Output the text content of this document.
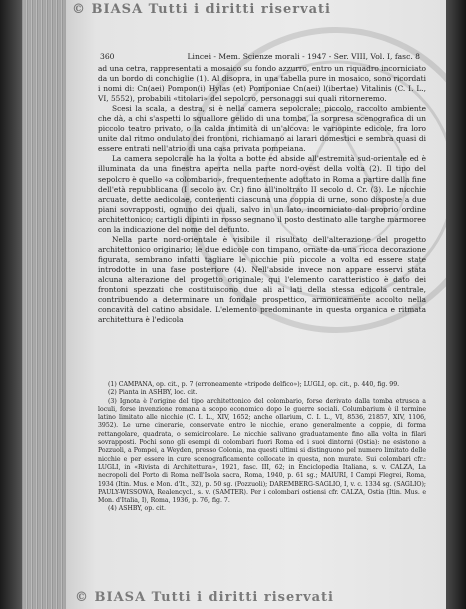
© BIASA Tutti i diritti riservati
360	Lincei - Mem. Scienze morali - 1947 - Ser. VIII, Vol. I, fasc. 8

ad una cetra, rappresentati a mosaico su fondo azzurro, entro un riquadro incorniciato da un bordo di conchiglie (1). Al disopra, in una tabella pure in mosaico, sono ricordati i nomi di: Cn(aei) Pompon(i) Hylas (et) Pomponiae Cn(aei) l(ibertae) Vitalinis (C. I. L., VI, 5552), probabili «titolari» del sepolcro, personaggi sui quali ritorneremo.

Scesi la scala, a destra, si è nella camera sepolcrale: piccolo, raccolto ambiente che dà, a chi s'aspetti lo squallore gelido di una tomba, la sorpresa scenografica di un piccolo teatro privato, o la calda intimità di un'alcova: le variopinte edicole, fra loro unite dal ritmo ondulato dei frontoni, richiamano ai larari domestici e sembra quasi di essere entrati nell'atrio di una casa privata pompeiana.

La camera sepolcrale ha la volta a botte ed abside all'estremità sud-orientale ed è illuminata da una finestra aperta nella parte nord-ovest della volta (2). Il tipo del sepolcro è quello «a colombario», frequentemente adottato in Roma a partire dalla fine dell'età repubblicana (I secolo av. Cr.) fino all'inoltrato II secolo d. Cr. (3). Le nicchie arcuate, dette aedicolae, contenenti ciascuna una coppia di urne, sono disposte a due piani sovrapposti, ognuno dei quali, salvo in un lato, incorniciato dal proprio ordine architettonico; cartigli dipinti in rosso segnano il posto destinato alle targhe marmoree con la indicazione del nome del defunto.

Nella parte nord-orientale è visibile il risultato dell'alterazione del progetto architettonico originario; le due edicole con timpano, ornate da una ricca decorazione figurata, sembrano infatti tagliare le nicchie più piccole a volta ed essere state introdotte in una fase posteriore (4). Nell'abside invece non appare esservi stata alcuna alterazione del progetto originale; qui l'elemento caratteristico è dato dei frontoni spezzati che costituiscono due ali ai lati della stessa edicola centrale, contribuendo a determinare un fondale prospettico, armonicamente accolto nella concavità del catino absidale. L'elemento predominante in questa organica e ritmata architettura è l'edicola

(1) CAMPANA, op. cit., p. 7 (erroneamente «tripode delfico»); LUGLI, op. cit., p. 440, fig. 99.

(2) Pianta in ASHBY, loc. cit.

(3) Ignota è l'origine del tipo architettonico del colombario, forse derivato dalla tomba etrusca a loculi, forse invenzione romana a scopo economico dopo le guerre sociali. Columbarium è il termine latino limitato alle nicchie (C. I. L., XIV, 1652; anche ollarium, C. I. L., VI, 8536, 21857, XIV, 1106, 3952). Le urne cinerarie, conservate entro le nicchie, erano generalmente a coppie, di forma rettangolare, quadrata, o semicircolare. Le nicchie salivano graduatamente fino alla volta in filari sovrapposti. Pochi sono gli esempi di colombari fuori Roma ed i suoi dintorni (Ostia): ne esistono a Pozzuoli, a Pompei, a Weyden, presso Colonia, ma questi ultimi si distinguono pel numero limitato delle nicchie e per essere in cure scenograficamente collocate in questa, non murate. Sui colombari cfr.: LUGLI, in «Rivista di Architettura», 1921, fasc. III, 62; in Enciclopedia Italiana, s. v. CALZA, La necropoli del Porto di Roma nell'Isola sacra, Roma, 1940, p. 61 sg.; MAIURI, I Campi Flegrei, Roma, 1934 (Itin. Mus. e Mon. d'It., 32), p. 50 sg. (Pozzuoli); DAREMBERG-SAGLIO, I, v. c. 1334 sg. (SAGLIO); PAULY-WISSOWA, Realencycl., s. v. (SAMTER). Per i colombari ostiensi cfr. CALZA, Ostia (Itin. Mus. e Mon. d'Italia, I), Roma, 1936, p. 76, fig. 7.

(4) ASHBY, op. cit.

© BIASA Tutti i diritti riservati
